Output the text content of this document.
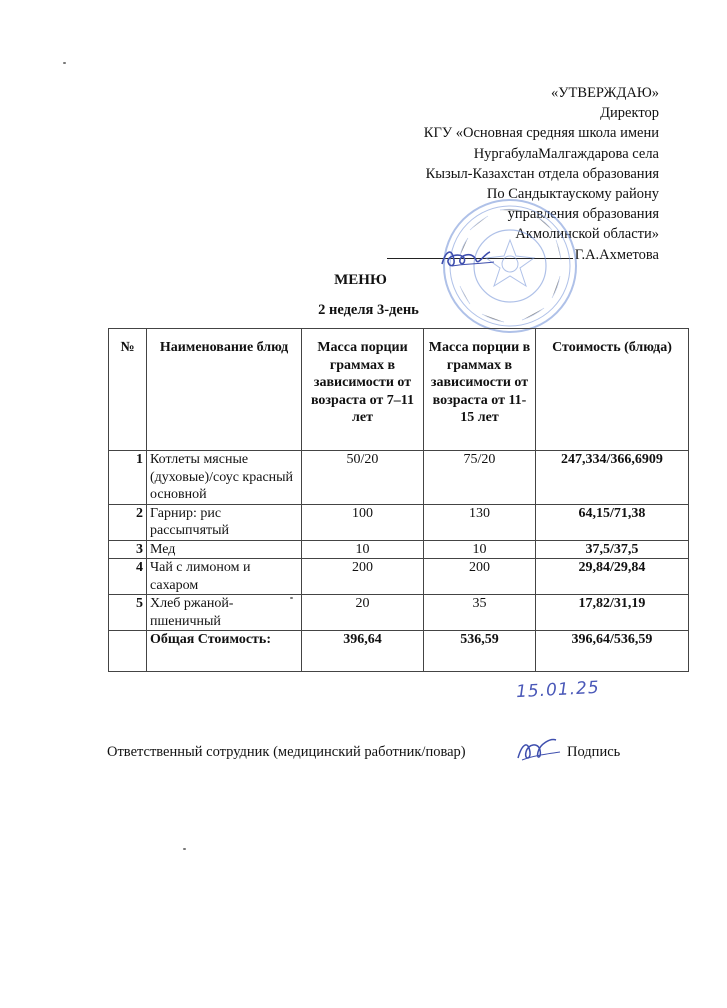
«УТВЕРЖДАЮ»
Директор
КГУ «Основная средняя школа имени
НургабулаМалгаждарова села
Кызыл-Казахстан отдела образования
По Сандыктаускому району
управления образования
Акмолинской области»
Г.А.Ахметова
МЕНЮ
2 неделя 3-день
№	Наименование блюд	Масса порции граммах в зависимости от возраста от 7–11 лет	Масса порции в граммах в зависимости от возраста от 11-15 лет	Стоимость (блюда)
1	Котлеты мясные (духовые)/соус красный основной	50/20	75/20	247,334/366,6909
2	Гарнир: рис рассыпчятый	100	130	64,15/71,38
3	Мед	10	10	37,5/37,5
4	Чай с лимоном и сахаром	200	200	29,84/29,84
5	Хлеб ржаной-пшеничный	20	35	17,82/31,19
	Общая Стоимость:	396,64	536,59	396,64/536,59
15.01.25
Ответственный сотрудник (медицинский работник/повар)	Подпись
